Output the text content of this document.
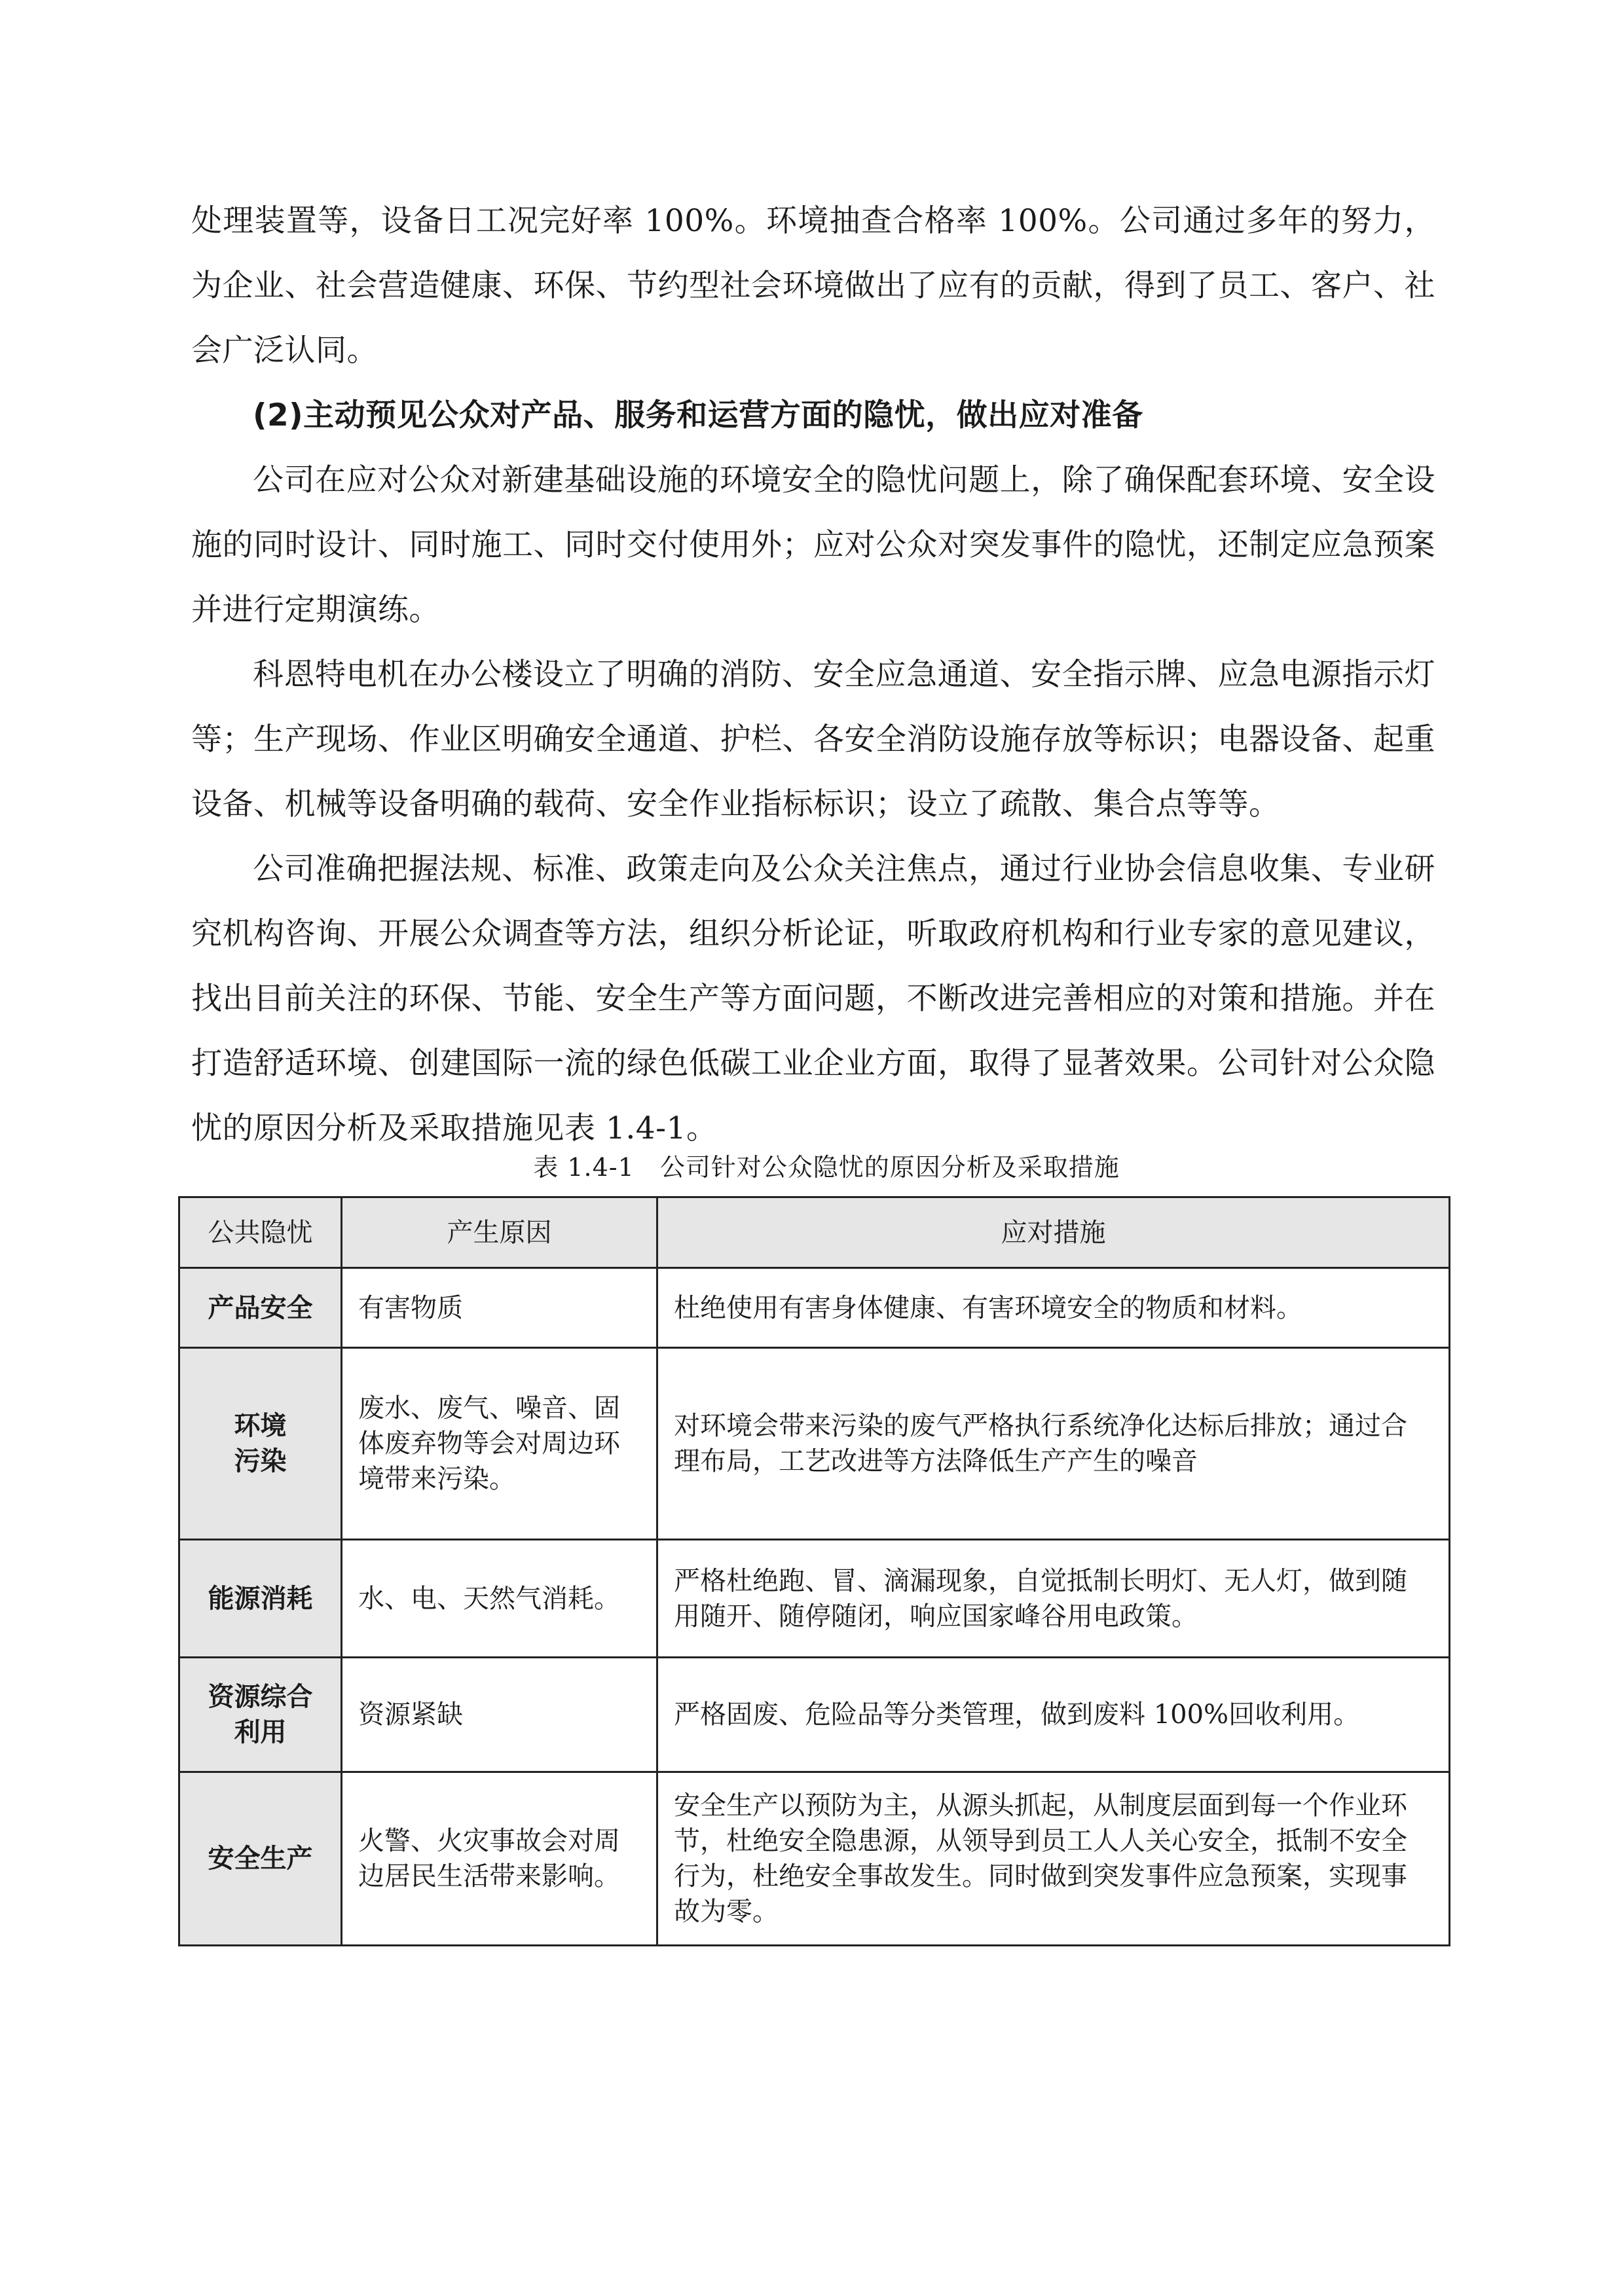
处理装置等，设备日工况完好率 100%。环境抽查合格率 100%。公司通过多年的努力，为企业、社会营造健康、环保、节约型社会环境做出了应有的贡献，得到了员工、客户、社会广泛认同。

(2)主动预见公众对产品、服务和运营方面的隐忧，做出应对准备

公司在应对公众对新建基础设施的环境安全的隐忧问题上，除了确保配套环境、安全设施的同时设计、同时施工、同时交付使用外；应对公众对突发事件的隐忧，还制定应急预案并进行定期演练。

科恩特电机在办公楼设立了明确的消防、安全应急通道、安全指示牌、应急电源指示灯等；生产现场、作业区明确安全通道、护栏、各安全消防设施存放等标识；电器设备、起重设备、机械等设备明确的载荷、安全作业指标标识；设立了疏散、集合点等等。

公司准确把握法规、标准、政策走向及公众关注焦点，通过行业协会信息收集、专业研究机构咨询、开展公众调查等方法，组织分析论证，听取政府机构和行业专家的意见建议，找出目前关注的环保、节能、安全生产等方面问题，不断改进完善相应的对策和措施。并在打造舒适环境、创建国际一流的绿色低碳工业企业方面，取得了显著效果。公司针对公众隐忧的原因分析及采取措施见表 1.4-1。

表 1.4-1　公司针对公众隐忧的原因分析及采取措施
公共隐忧	产生原因	应对措施
产品安全	有害物质	杜绝使用有害身体健康、有害环境安全的物质和材料。
环境
污染	废水、废气、噪音、固体废弃物等会对周边环境带来污染。	对环境会带来污染的废气严格执行系统净化达标后排放；通过合理布局，工艺改进等方法降低生产产生的噪音
能源消耗	水、电、天然气消耗。	严格杜绝跑、冒、滴漏现象，自觉抵制长明灯、无人灯，做到随用随开、随停随闭，响应国家峰谷用电政策。
资源综合
利用	资源紧缺	严格固废、危险品等分类管理，做到废料 100%回收利用。
安全生产	火警、火灾事故会对周边居民生活带来影响。	安全生产以预防为主，从源头抓起，从制度层面到每一个作业环节，杜绝安全隐患源，从领导到员工人人关心安全，抵制不安全行为，杜绝安全事故发生。同时做到突发事件应急预案，实现事故为零。
